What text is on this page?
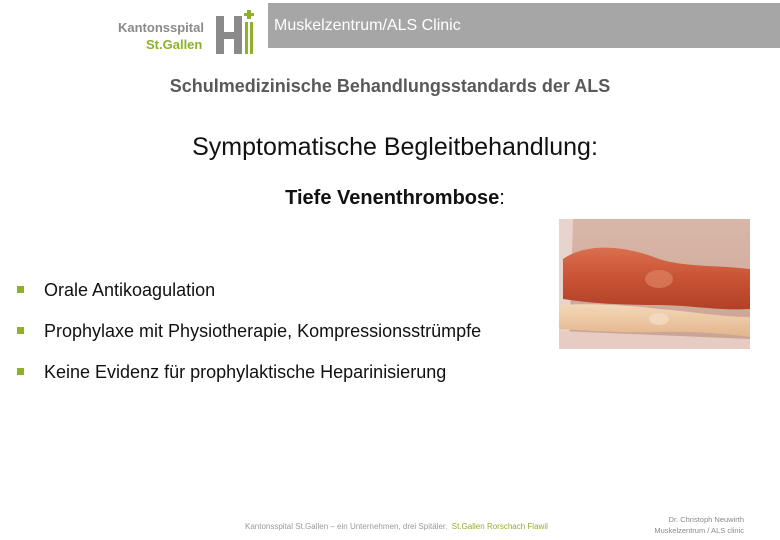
Kantonsspital
St.Gallen
Muskelzentrum/ALS Clinic
Schulmedizinische Behandlungsstandards der ALS
Symptomatische Begleitbehandlung:
Tiefe Venenthrombose:
Orale Antikoagulation
Prophylaxe mit Physiotherapie, Kompressionsstrümpfe
Keine Evidenz für prophylaktische Heparinisierung
Kantonsspital St.Gallen – ein Unternehmen, drei Spitäler. St.Gallen Rorschach Flawil
Dr. Christoph Neuwirth
Muskelzentrum / ALS clinic
